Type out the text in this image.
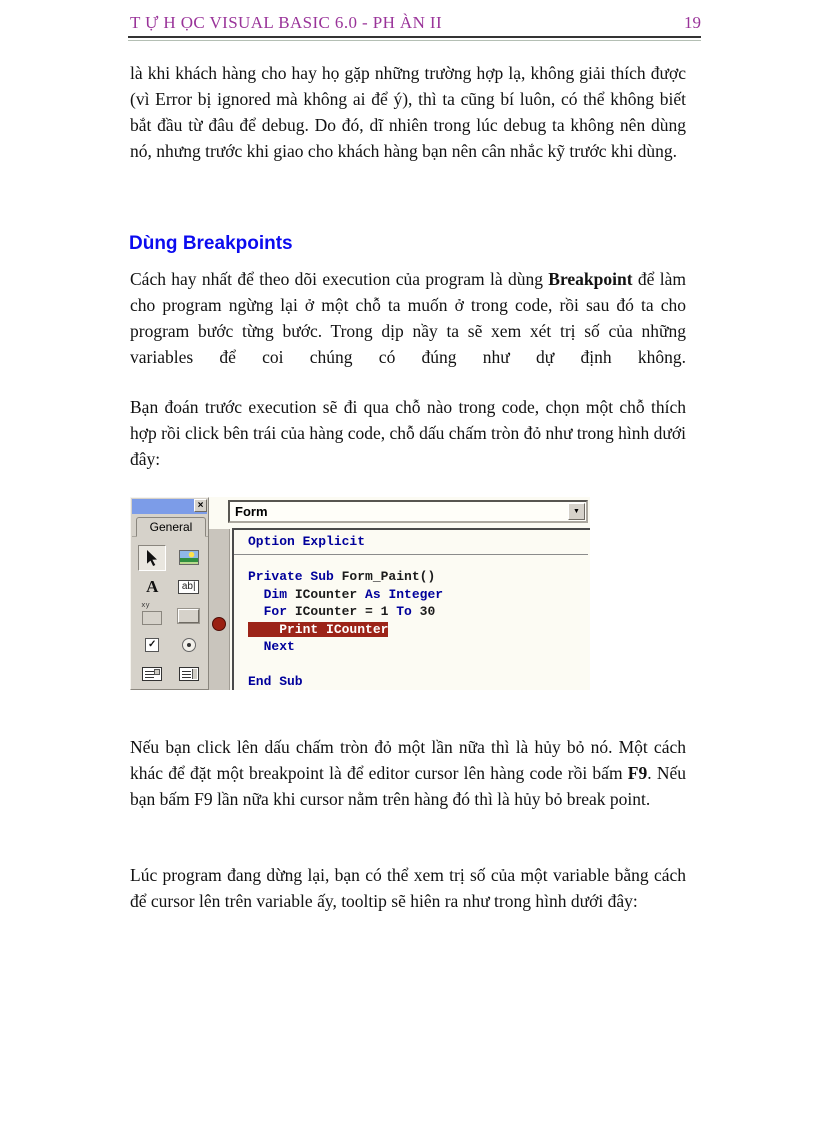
T Ự H ỌC VISUAL BASIC 6.0 - PH ÀN II	19

là khi khách hàng cho hay họ gặp những trường hợp lạ, không giải thích được (vì Error bị ignored mà không ai để ý), thì ta cũng bí luôn, có thể không biết bắt đầu từ đâu để debug. Do đó, dĩ nhiên trong lúc debug ta không nên dùng nó, nhưng trước khi giao cho khách hàng bạn nên cân nhắc kỹ trước khi dùng.

Dùng Breakpoints

Cách hay nhất để theo dõi execution của program là dùng Breakpoint để làm cho program ngừng lại ở một chỗ ta muốn ở trong code, rồi sau đó ta cho program bước từng bước. Trong dịp nầy ta sẽ xem xét trị số của những variables để coi chúng có đúng như dự định không.

Bạn đoán trước execution sẽ đi qua chỗ nào trong code, chọn một chỗ thích hợp rồi click bên trái của hàng code, chỗ dấu chấm tròn đỏ như trong hình dưới đây:

×
General
A	ab|
xy
✓
Form	▼
Option Explicit
Private Sub Form_Paint()
Dim ICounter As Integer
For ICounter = 1 To 30
Print ICounter
Next
End Sub

Nếu bạn click lên dấu chấm tròn đỏ một lần nữa thì là hủy bỏ nó. Một cách khác để đặt một breakpoint là để editor cursor lên hàng code rồi bấm F9. Nếu bạn bấm F9 lần nữa khi cursor nằm trên hàng đó thì là hủy bỏ break point.

Lúc program đang dừng lại, bạn có thể xem trị số của một variable bằng cách để cursor lên trên variable ấy, tooltip sẽ hiên ra như trong hình dưới đây:
